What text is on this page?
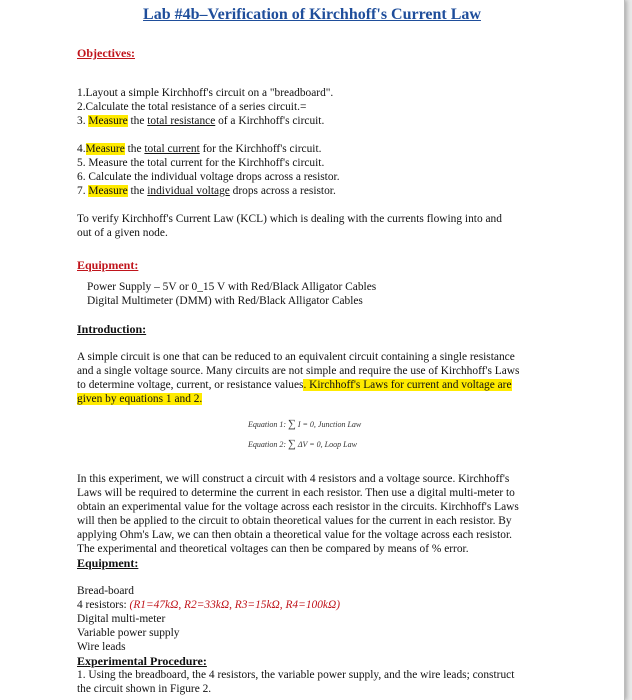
Lab #4b–Verification of Kirchhoff's Current Law
Objectives:
1.Layout a simple Kirchhoff's circuit on a "breadboard".
2.Calculate the total resistance of a series circuit.=
3. Measure the total resistance of a Kirchhoff's circuit.
4.Measure the total current for the Kirchhoff's circuit.
5. Measure the total current for the Kirchhoff's circuit.
6. Calculate the individual voltage drops across a resistor.
7. Measure the individual voltage drops across a resistor.
To verify Kirchhoff's Current Law (KCL) which is dealing with the currents flowing into and
out of a given node.
Equipment:
Power Supply – 5V or 0_15 V with Red/Black Alligator Cables
Digital Multimeter (DMM) with Red/Black Alligator Cables
Introduction:
A simple circuit is one that can be reduced to an equivalent circuit containing a single resistance
and a single voltage source. Many circuits are not simple and require the use of Kirchhoff's Laws
to determine voltage, current, or resistance values. Kirchhoff's Laws for current and voltage are
given by equations 1 and 2.
Equation 1: ∑ I = 0, Junction Law
Equation 2: ∑ ΔV = 0, Loop Law
In this experiment, we will construct a circuit with 4 resistors and a voltage source. Kirchhoff's
Laws will be required to determine the current in each resistor. Then use a digital multi-meter to
obtain an experimental value for the voltage across each resistor in the circuits. Kirchhoff's Laws
will then be applied to the circuit to obtain theoretical values for the current in each resistor. By
applying Ohm's Law, we can then obtain a theoretical value for the voltage across each resistor.
The experimental and theoretical voltages can then be compared by means of % error.
Equipment:
Bread-board
4 resistors: (R1=47kΩ, R2=33kΩ, R3=15kΩ, R4=100kΩ)
Digital multi-meter
Variable power supply
Wire leads
Experimental Procedure:
1. Using the breadboard, the 4 resistors, the variable power supply, and the wire leads; construct
the circuit shown in Figure 2.
